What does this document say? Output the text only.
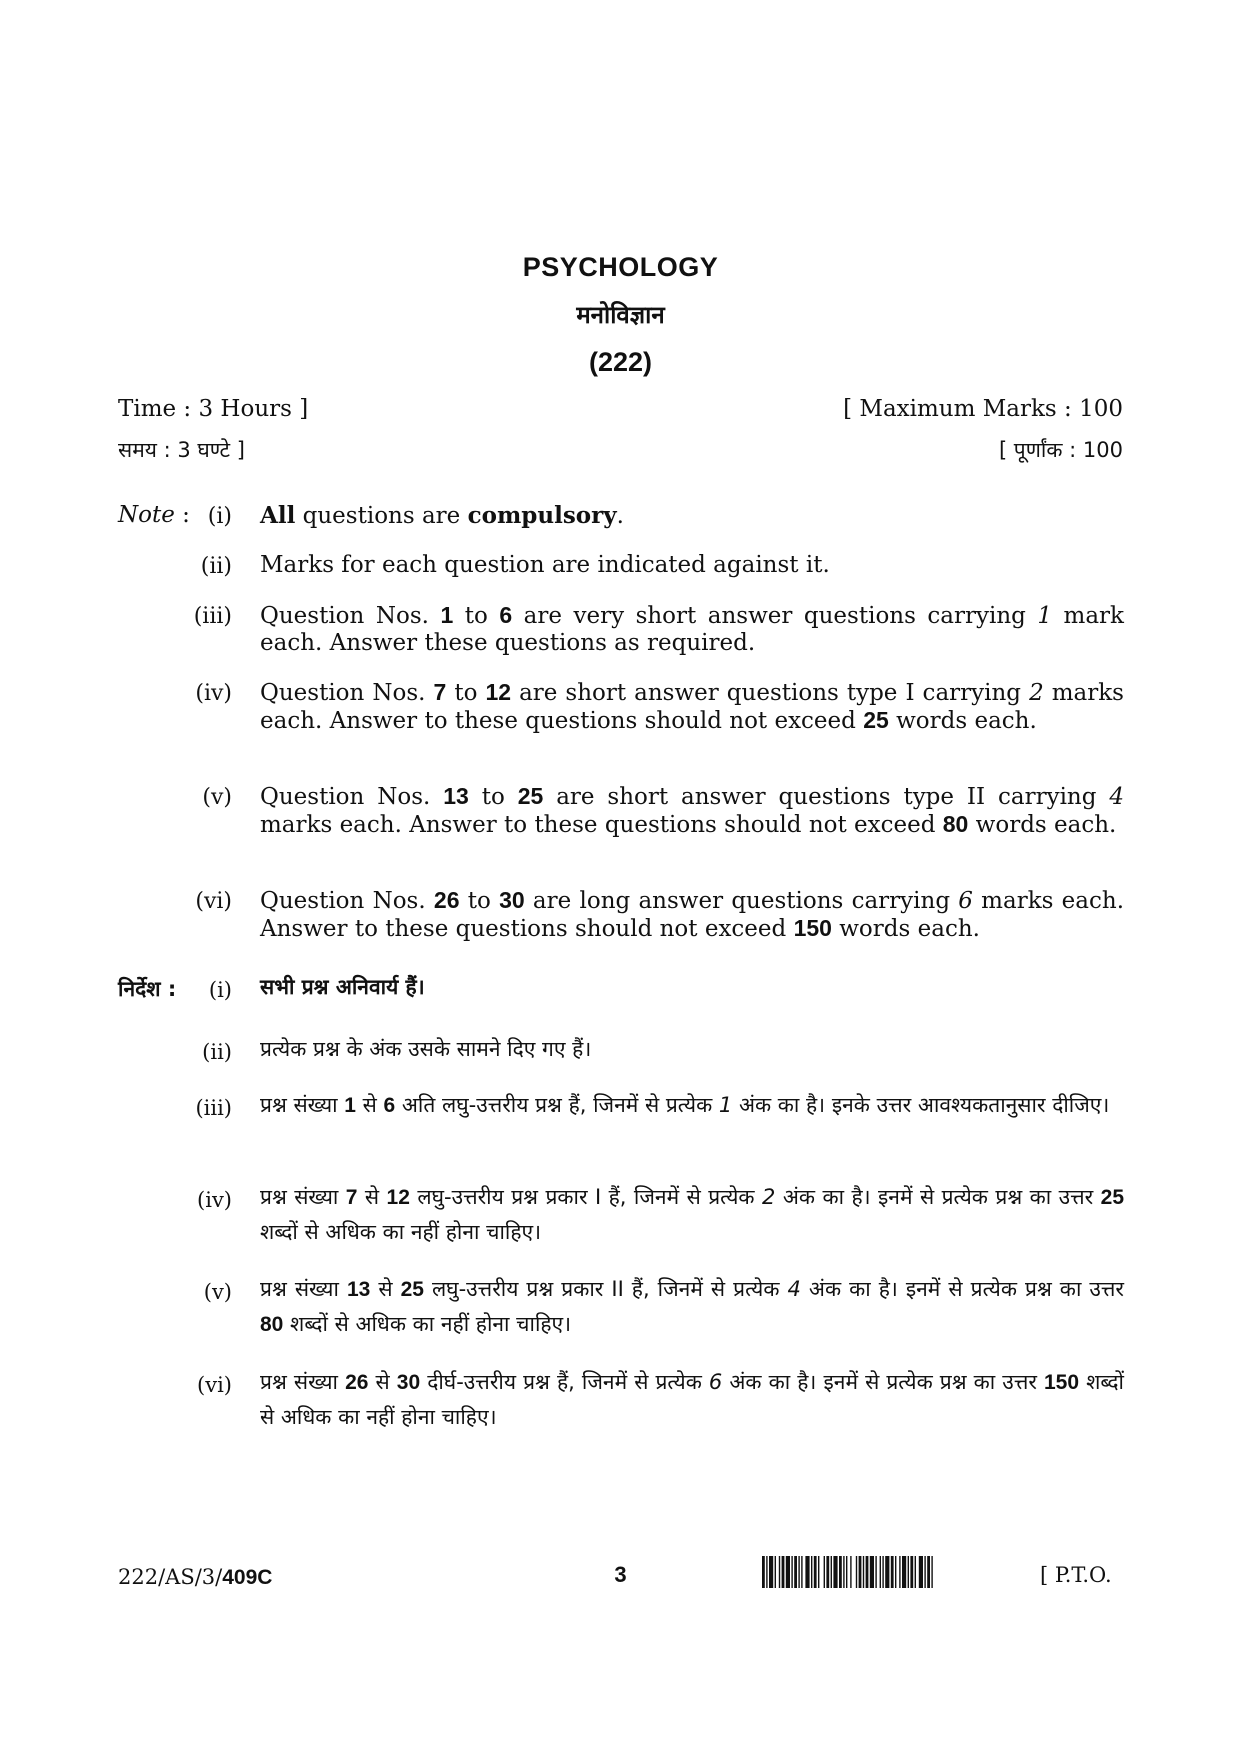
PSYCHOLOGY
मनोविज्ञान
(222)
Time : 3 Hours ]	[ Maximum Marks : 100
समय : 3 घण्टे ]	[ पूर्णांक : 100
Note : (i) All questions are compulsory.
(ii) Marks for each question are indicated against it.
(iii) Question Nos. 1 to 6 are very short answer questions carrying 1 mark each. Answer these questions as required.
(iv) Question Nos. 7 to 12 are short answer questions type I carrying 2 marks each. Answer to these questions should not exceed 25 words each.
(v) Question Nos. 13 to 25 are short answer questions type II carrying 4 marks each. Answer to these questions should not exceed 80 words each.
(vi) Question Nos. 26 to 30 are long answer questions carrying 6 marks each. Answer to these questions should not exceed 150 words each.
निर्देश :	(i) सभी प्रश्न अनिवार्य हैं।
(ii) प्रत्येक प्रश्न के अंक उसके सामने दिए गए हैं।
(iii) प्रश्न संख्या 1 से 6 अति लघु-उत्तरीय प्रश्न हैं, जिनमें से प्रत्येक 1 अंक का है। इनके उत्तर आवश्यकतानुसार दीजिए।
(iv) प्रश्न संख्या 7 से 12 लघु-उत्तरीय प्रश्न प्रकार I हैं, जिनमें से प्रत्येक 2 अंक का है। इनमें से प्रत्येक प्रश्न का उत्तर 25 शब्दों से अधिक का नहीं होना चाहिए।
(v) प्रश्न संख्या 13 से 25 लघु-उत्तरीय प्रश्न प्रकार II हैं, जिनमें से प्रत्येक 4 अंक का है। इनमें से प्रत्येक प्रश्न का उत्तर 80 शब्दों से अधिक का नहीं होना चाहिए।
(vi) प्रश्न संख्या 26 से 30 दीर्घ-उत्तरीय प्रश्न हैं, जिनमें से प्रत्येक 6 अंक का है। इनमें से प्रत्येक प्रश्न का उत्तर 150 शब्दों से अधिक का नहीं होना चाहिए।
222/AS/3/409C	3	[ P.T.O.
